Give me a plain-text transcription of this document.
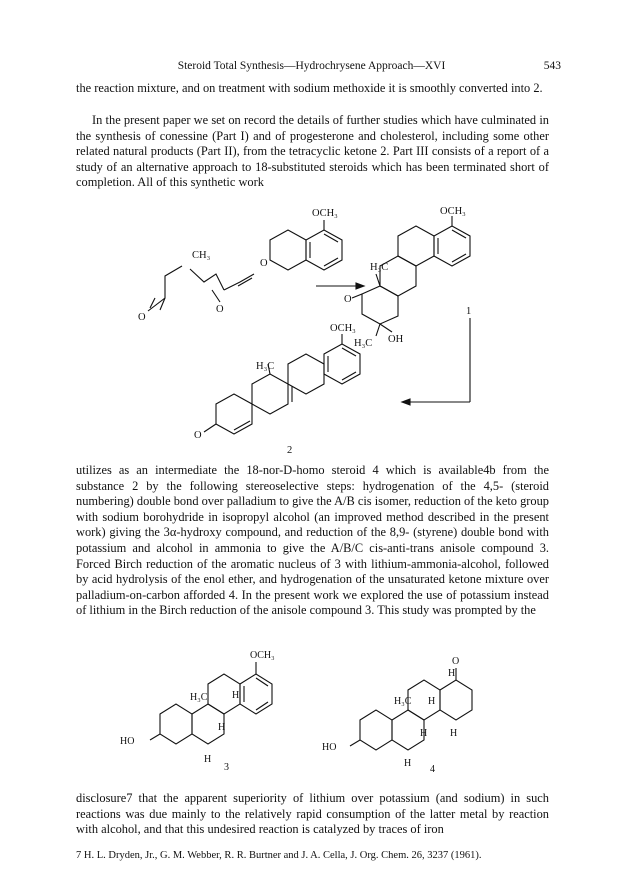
Steroid Total Synthesis—Hydrochrysene Approach—XVI	543

the reaction mixture, and on treatment with sodium methoxide it is smoothly converted into 2.

In the present paper we set on record the details of further studies which have culminated in the synthesis of conessine (Part I) and of progesterone and cholesterol, including some other related natural products (Part II), from the tetracyclic ketone 2. Part III consists of a report of a study of an alternative approach to 18-substituted steroids which has been terminated short of completion. All of this synthetic work

OCH₃	OCH₃
CH₃
O
O
O	H₃C
O
H₃C OH
1
OCH₃
H₃C
O
2

utilizes as an intermediate the 18-nor-D-homo steroid 4 which is available4b from the substance 2 by the following stereoselective steps: hydrogenation of the 4,5- (steroid numbering) double bond over palladium to give the A/B cis isomer, reduction of the keto group with sodium borohydride in isopropyl alcohol (an improved method described in the present work) giving the 3α-hydroxy compound, and reduction of the 8,9- (styrene) double bond with potassium and alcohol in ammonia to give the A/B/C cis-anti-trans anisole compound 3. Forced Birch reduction of the aromatic nucleus of 3 with lithium-ammonia-alcohol, followed by acid hydrolysis of the enol ether, and hydrogenation of the unsaturated ketone mixture over palladium-on-carbon afforded 4. In the present work we explored the use of potassium instead of lithium in the Birch reduction of the anisole compound 3. This study was prompted by the

OCH₃
H₃C H
H
H
HO
3
O
H
H₃C H
H H
H
HO
4

disclosure7 that the apparent superiority of lithium over potassium (and sodium) in such reactions was due mainly to the relatively rapid consumption of the latter metal by reaction with alcohol, and that this undesired reaction is catalyzed by traces of iron

7 H. L. Dryden, Jr., G. M. Webber, R. R. Burtner and J. A. Cella, J. Org. Chem. 26, 3237 (1961).
